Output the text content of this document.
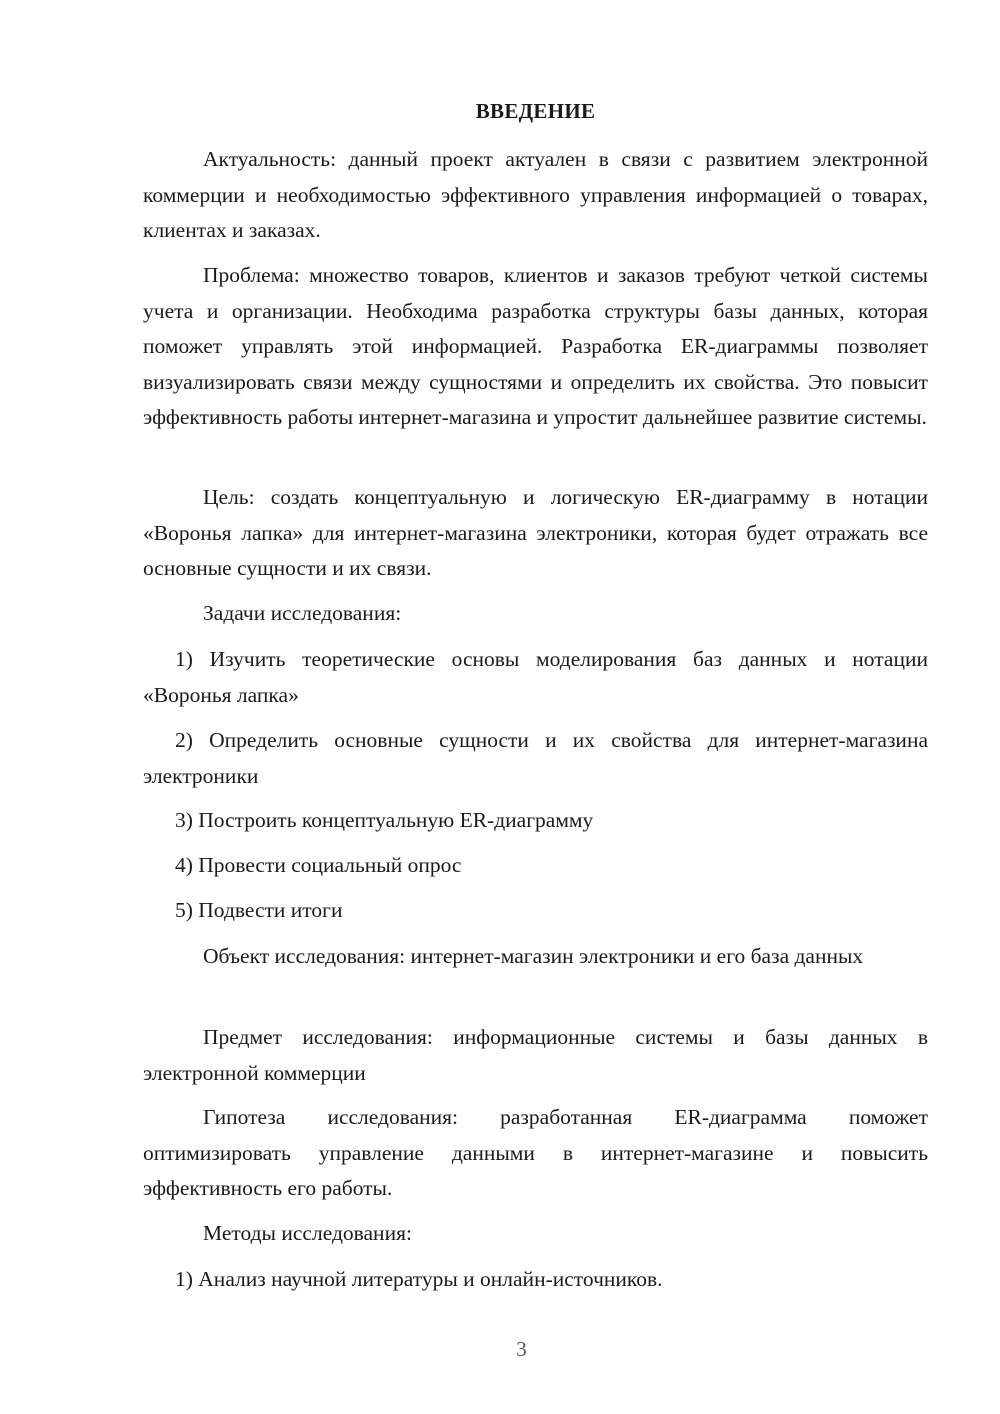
ВВЕДЕНИЕ

Актуальность: данный проект актуален в связи с развитием электронной коммерции и необходимостью эффективного управления информацией о товарах, клиентах и заказах.

Проблема: множество товаров, клиентов и заказов требуют четкой системы учета и организации. Необходима разработка структуры базы данных, которая поможет управлять этой информацией. Разработка ER-диаграммы позволяет визуализировать связи между сущностями и определить их свойства. Это повысит эффективность работы интернет-магазина и упростит дальнейшее развитие системы.

Цель: создать концептуальную и логическую ER-диаграмму в нотации «Воронья лапка» для интернет-магазина электроники, которая будет отражать все основные сущности и их связи.

Задачи исследования:

1) Изучить теоретические основы моделирования баз данных и нотации «Воронья лапка»

2) Определить основные сущности и их свойства для интернет-магазина электроники

3) Построить концептуальную ER-диаграмму

4) Провести социальный опрос

5) Подвести итоги

Объект исследования: интернет-магазин электроники и его база данных

Предмет исследования: информационные системы и базы данных в электронной коммерции

Гипотеза исследования: разработанная ER-диаграмма поможет оптимизировать управление данными в интернет-магазине и повысить эффективность его работы.

Методы исследования:

1) Анализ научной литературы и онлайн-источников.

3
